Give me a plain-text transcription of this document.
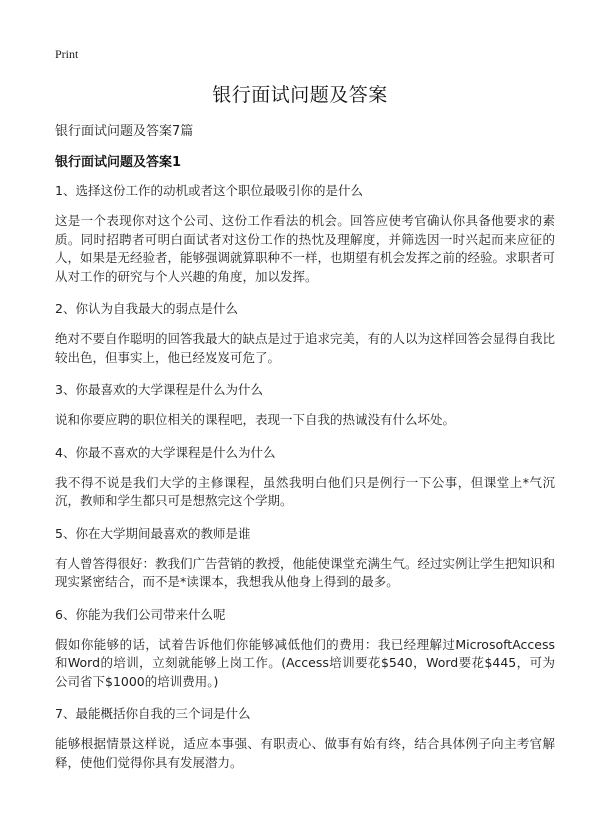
Print
银行面试问题及答案
银行面试问题及答案7篇
银行面试问题及答案1

1、选择这份工作的动机或者这个职位最吸引你的是什么

这是一个表现你对这个公司、这份工作看法的机会。回答应使考官确认你具备他要求的素质。同时招聘者可明白面试者对这份工作的热忱及理解度，并筛选因一时兴起而来应征的人，如果是无经验者，能够强调就算职种不一样，也期望有机会发挥之前的经验。求职者可从对工作的研究与个人兴趣的角度，加以发挥。

2、你认为自我最大的弱点是什么

绝对不要自作聪明的回答我最大的缺点是过于追求完美，有的人以为这样回答会显得自我比较出色，但事实上，他已经岌岌可危了。

3、你最喜欢的大学课程是什么为什么

说和你要应聘的职位相关的课程吧，表现一下自我的热诚没有什么坏处。

4、你最不喜欢的大学课程是什么为什么

我不得不说是我们大学的主修课程，虽然我明白他们只是例行一下公事，但课堂上*气沉沉，教师和学生都只可是想熬完这个学期。

5、你在大学期间最喜欢的教师是谁

有人曾答得很好：教我们广告营销的教授，他能使课堂充满生气。经过实例让学生把知识和现实紧密结合，而不是*读课本，我想我从他身上得到的最多。

6、你能为我们公司带来什么呢

假如你能够的话，试着告诉他们你能够减低他们的费用：我已经理解过MicrosoftAccess 和Word的培训，立刻就能够上岗工作。(Access培训要花$540，Word要花$445，可为公司省下$1000的培训费用。)

7、最能概括你自我的三个词是什么

能够根据情景这样说，适应本事强、有职责心、做事有始有终，结合具体例子向主考官解释，使他们觉得你具有发展潜力。
